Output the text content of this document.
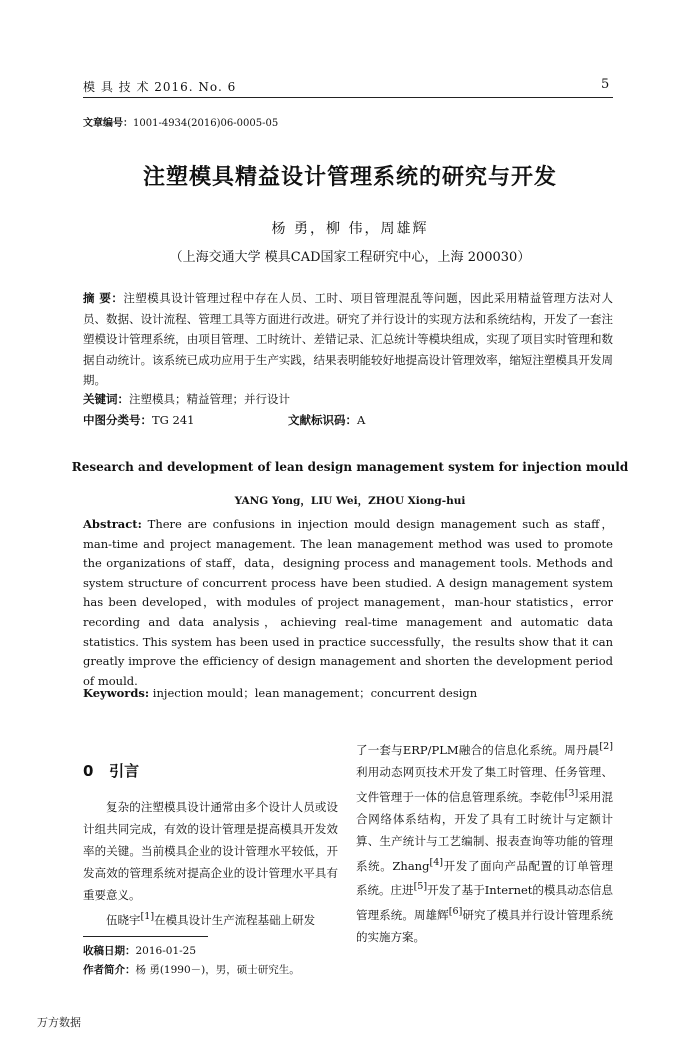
模 具 技 术 2016. No. 6	5
文章编号：1001-4934(2016)06-0005-05
注塑模具精益设计管理系统的研究与开发
杨 勇，柳 伟，周雄辉
（上海交通大学 模具CAD国家工程研究中心，上海 200030）
摘 要：注塑模具设计管理过程中存在人员、工时、项目管理混乱等问题，因此采用精益管理方法对人员、数据、设计流程、管理工具等方面进行改进。研究了并行设计的实现方法和系统结构，开发了一套注塑模设计管理系统，由项目管理、工时统计、差错记录、汇总统计等模块组成，实现了项目实时管理和数据自动统计。该系统已成功应用于生产实践，结果表明能较好地提高设计管理效率，缩短注塑模具开发周期。
关键词：注塑模具；精益管理；并行设计
中图分类号：TG 241	文献标识码：A
Research and development of lean design management system for injection mould
YANG Yong，LIU Wei，ZHOU Xiong-hui
Abstract: There are confusions in injection mould design management such as staff，man-time and project management. The lean management method was used to promote the organizations of staff，data，designing process and management tools. Methods and system structure of concurrent process have been studied. A design management system has been developed，with modules of project management，man-hour statistics，error recording and data analysis，achieving real-time management and automatic data statistics. This system has been used in practice successfully，the results show that it can greatly improve the efficiency of design management and shorten the development period of mould.
Keywords: injection mould；lean management；concurrent design
0 引言

复杂的注塑模具设计通常由多个设计人员或设计组共同完成，有效的设计管理是提高模具开发效率的关键。当前模具企业的设计管理水平较低，开发高效的管理系统对提高企业的设计管理水平具有重要意义。

伍晓宇[1]在模具设计生产流程基础上研发

了一套与ERP/PLM融合的信息化系统。周丹晨[2]利用动态网页技术开发了集工时管理、任务管理、文件管理于一体的信息管理系统。李乾伟[3]采用混合网络体系结构，开发了具有工时统计与定额计算、生产统计与工艺编制、报表查询等功能的管理系统。Zhang[4]开发了面向产品配置的订单管理系统。庄进[5]开发了基于Internet的模具动态信息管理系统。周雄辉[6]研究了模具并行设计管理系统的实施方案。

收稿日期：2016-01-25
作者简介：杨 勇(1990－)，男，硕士研究生。
万方数据
